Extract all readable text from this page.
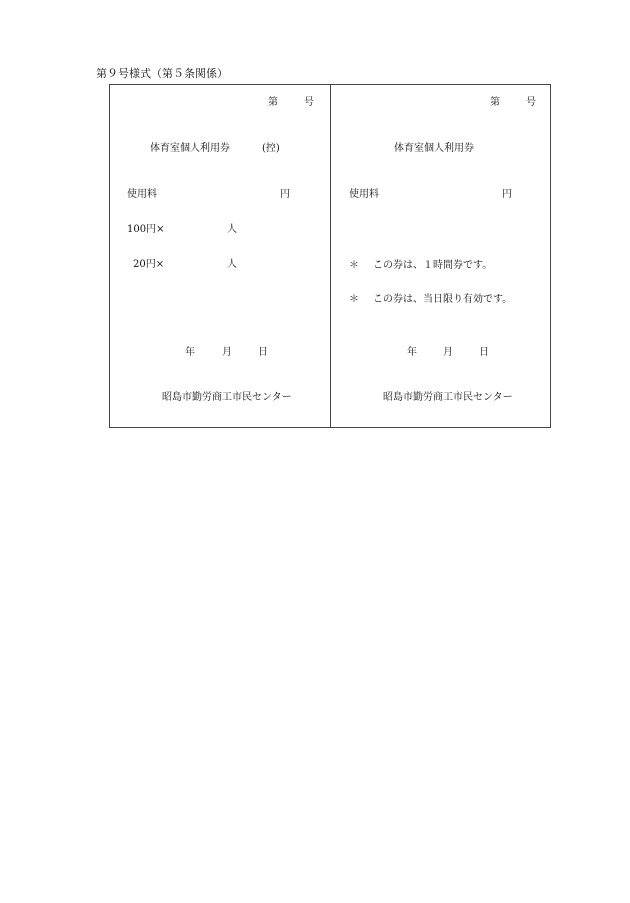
第９号様式（第５条関係）
第	号
体育室個人利用券	(控)
使用料	円
100円×	人
20円×	人
年	月	日
昭島市勤労商工市民センター
第	号
体育室個人利用券
使用料	円
＊ この券は、１時間券です。
＊ この券は、当日限り有効です。
年	月	日
昭島市勤労商工市民センター
